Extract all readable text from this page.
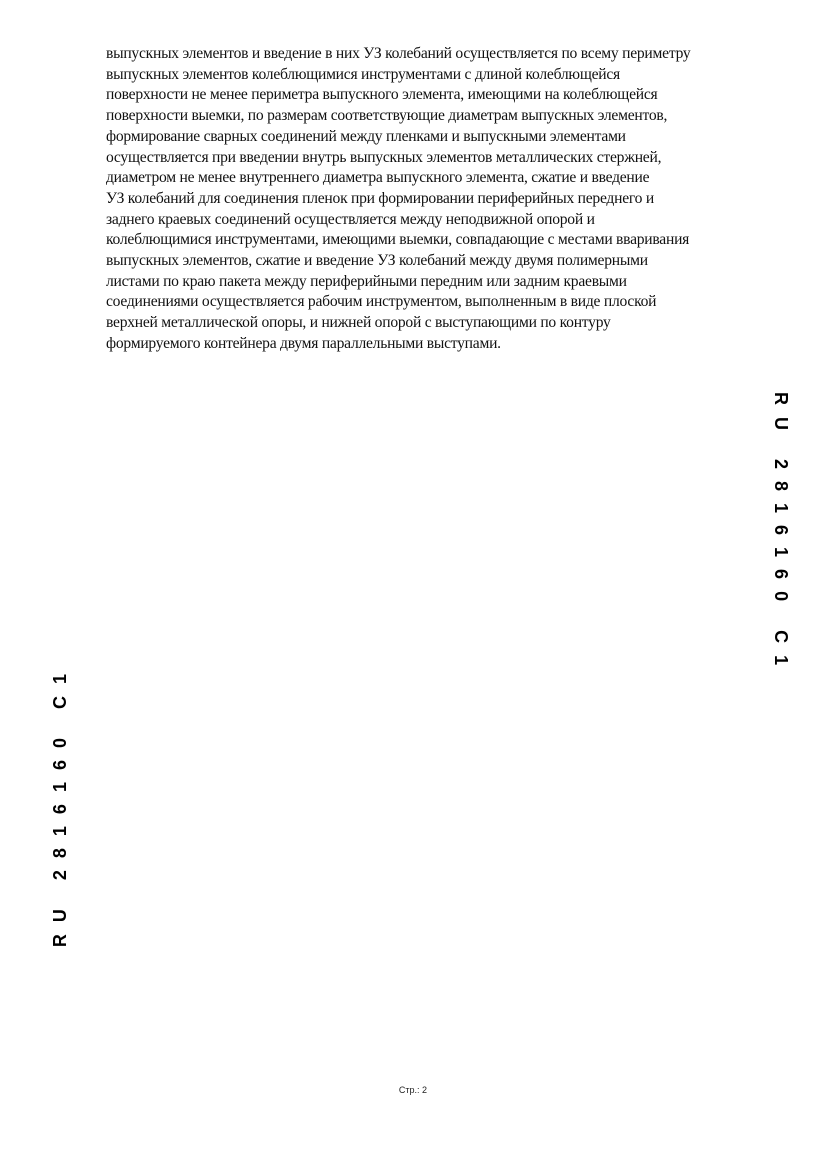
выпускных элементов и введение в них УЗ колебаний осуществляется по всему периметру
выпускных элементов колеблющимися инструментами с длиной колеблющейся
поверхности не менее периметра выпускного элемента, имеющими на колеблющейся
поверхности выемки, по размерам соответствующие диаметрам выпускных элементов,
формирование сварных соединений между пленками и выпускными элементами
осуществляется при введении внутрь выпускных элементов металлических стержней,
диаметром не менее внутреннего диаметра выпускного элемента, сжатие и введение
УЗ колебаний для соединения пленок при формировании периферийных переднего и
заднего краевых соединений осуществляется между неподвижной опорой и
колеблющимися инструментами, имеющими выемки, совпадающие с местами вваривания
выпускных элементов, сжатие и введение УЗ колебаний между двумя полимерными
листами по краю пакета между периферийными передним или задним краевыми
соединениями осуществляется рабочим инструментом, выполненным в виде плоской
верхней металлической опоры, и нижней опорой с выступающими по контуру
формируемого контейнера двумя параллельными выступами.

RU 2816160 C1
RU 2816160 C1
Стр.: 2
